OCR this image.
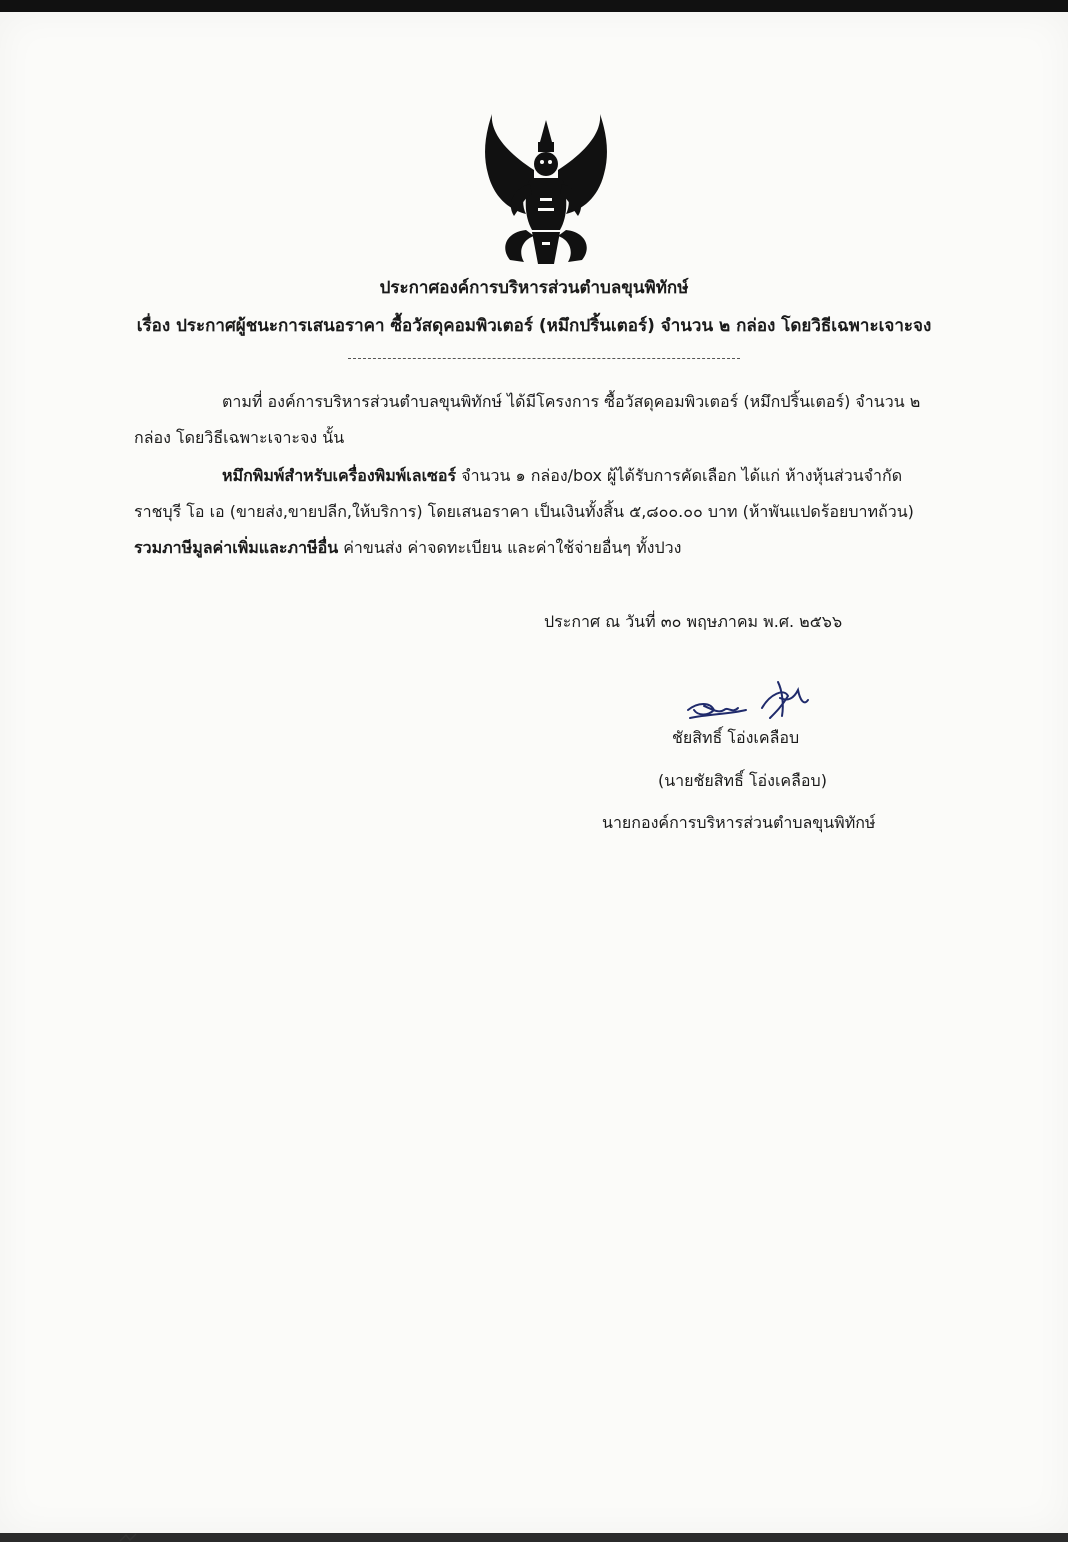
ประกาศองค์การบริหารส่วนตำบลขุนพิทักษ์
เรื่อง ประกาศผู้ชนะการเสนอราคา ซื้อวัสดุคอมพิวเตอร์ (หมึกปริ้นเตอร์) จำนวน ๒ กล่อง โดยวิธีเฉพาะเจาะจง
ตามที่ องค์การบริหารส่วนตำบลขุนพิทักษ์ ได้มีโครงการ ซื้อวัสดุคอมพิวเตอร์ (หมึกปริ้นเตอร์) จำนวน ๒
กล่อง โดยวิธีเฉพาะเจาะจง นั้น
หมึกพิมพ์สำหรับเครื่องพิมพ์เลเซอร์ จำนวน ๑ กล่อง/box ผู้ได้รับการคัดเลือก ได้แก่ ห้างหุ้นส่วนจำกัด
ราชบุรี โอ เอ (ขายส่ง,ขายปลีก,ให้บริการ) โดยเสนอราคา เป็นเงินทั้งสิ้น ๕,๘๐๐.๐๐ บาท (ห้าพันแปดร้อยบาทถ้วน)
รวมภาษีมูลค่าเพิ่มและภาษีอื่น ค่าขนส่ง ค่าจดทะเบียน และค่าใช้จ่ายอื่นๆ ทั้งปวง
ประกาศ ณ วันที่ ๓๐ พฤษภาคม พ.ศ. ๒๕๖๖
ชัยสิทธิ์ โอ่งเคลือบ
(นายชัยสิทธิ์ โอ่งเคลือบ)
นายกองค์การบริหารส่วนตำบลขุนพิทักษ์
